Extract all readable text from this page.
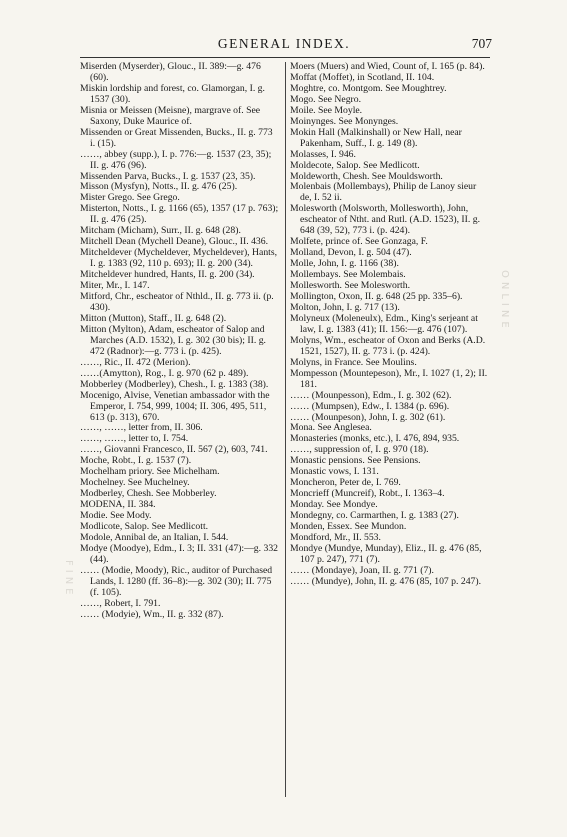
GENERAL INDEX.	707
ONLINE
FINE

Miserden (Myserder), Glouc., II. 389:—g. 476 (60).

Miskin lordship and forest, co. Glamorgan, I. g. 1537 (30).

Misnia or Meissen (Meisne), margrave of. See Saxony, Duke Maurice of.

Missenden or Great Missenden, Bucks., II. g. 773 i. (15).

……, abbey (supp.), I. p. 776:—g. 1537 (23, 35); II. g. 476 (96).

Missenden Parva, Bucks., I. g. 1537 (23, 35).

Misson (Mysfyn), Notts., II. g. 476 (25).

Mister Grego. See Grego.

Misterton, Notts., I. g. 1166 (65), 1357 (17 p. 763); II. g. 476 (25).

Mitcham (Micham), Surr., II. g. 648 (28).

Mitchell Dean (Mychell Deane), Glouc., II. 436.

Mitcheldever (Mycheldever, Mycheldever), Hants, I. g. 1383 (92, 110 p. 693); II. g. 200 (34).

Mitcheldever hundred, Hants, II. g. 200 (34).

Miter, Mr., I. 147.

Mitford, Chr., escheator of Nthld., II. g. 773 ii. (p. 430).

Mitton (Mutton), Staff., II. g. 648 (2).

Mitton (Mylton), Adam, escheator of Salop and Marches (A.D. 1532), I. g. 302 (30 bis); II. g. 472 (Radnor):—g. 773 i. (p. 425).

……, Ric., II. 472 (Merion).

……(Amytton), Rog., I. g. 970 (62 p. 489).

Mobberley (Modberley), Chesh., I. g. 1383 (38).

Mocenigo, Alvise, Venetian ambassador with the Emperor, I. 754, 999, 1004; II. 306, 495, 511, 613 (p. 313), 670.

……, ……, letter from, II. 306.

……, ……, letter to, I. 754.

……, Giovanni Francesco, II. 567 (2), 603, 741.

Moche, Robt., I. g. 1537 (7).

Mochelham priory. See Michelham.

Mochelney. See Muchelney.

Modberley, Chesh. See Mobberley.

MODENA, II. 384.

Modie. See Mody.

Modlicote, Salop. See Medlicott.

Modole, Annibal de, an Italian, I. 544.

Modye (Moodye), Edm., I. 3; II. 331 (47):—g. 332 (44).

…… (Modie, Moody), Ric., auditor of Purchased Lands, I. 1280 (ff. 36–8):—g. 302 (30); II. 775 (f. 105).

……, Robert, I. 791.

…… (Modyie), Wm., II. g. 332 (87).

Moers (Muers) and Wied, Count of, I. 165 (p. 84).

Moffat (Moffet), in Scotland, II. 104.

Moghtre, co. Montgom. See Moughtrey.

Mogo. See Negro.

Moile. See Moyle.

Moinynges. See Monynges.

Mokin Hall (Malkinshall) or New Hall, near Pakenham, Suff., I. g. 149 (8).

Molasses, I. 946.

Moldecote, Salop. See Medlicott.

Moldeworth, Chesh. See Mouldsworth.

Molenbais (Mollembays), Philip de Lanoy sieur de, I. 52 ii.

Molesworth (Molsworth, Mollesworth), John, escheator of Ntht. and Rutl. (A.D. 1523), II. g. 648 (39, 52), 773 i. (p. 424).

Molfete, prince of. See Gonzaga, F.

Molland, Devon, I. g. 504 (47).

Molle, John, I. g. 1166 (38).

Mollembays. See Molembais.

Mollesworth. See Molesworth.

Mollington, Oxon, II. g. 648 (25 pp. 335–6).

Molton, John, I. g. 717 (13).

Molyneux (Moleneulx), Edm., King's serjeant at law, I. g. 1383 (41); II. 156:—g. 476 (107).

Molyns, Wm., escheator of Oxon and Berks (A.D. 1521, 1527), II. g. 773 i. (p. 424).

Molyns, in France. See Moulins.

Mompesson (Mountepeson), Mr., I. 1027 (1, 2); II. 181.

…… (Mounpesson), Edm., I. g. 302 (62).

…… (Mumpsen), Edw., I. 1384 (p. 696).

…… (Mounpeson), John, I. g. 302 (61).

Mona. See Anglesea.

Monasteries (monks, etc.), I. 476, 894, 935.

……, suppression of, I. g. 970 (18).

Monastic pensions. See Pensions.

Monastic vows, I. 131.

Moncheron, Peter de, I. 769.

Moncrieff (Muncreif), Robt., I. 1363–4.

Monday. See Mondye.

Mondegny, co. Carmarthen, I. g. 1383 (27).

Monden, Essex. See Mundon.

Mondford, Mr., II. 553.

Mondye (Mundye, Munday), Eliz., II. g. 476 (85, 107 p. 247), 771 (7).

…… (Mondaye), Joan, II. g. 771 (7).

…… (Mundye), John, II. g. 476 (85, 107 p. 247).
